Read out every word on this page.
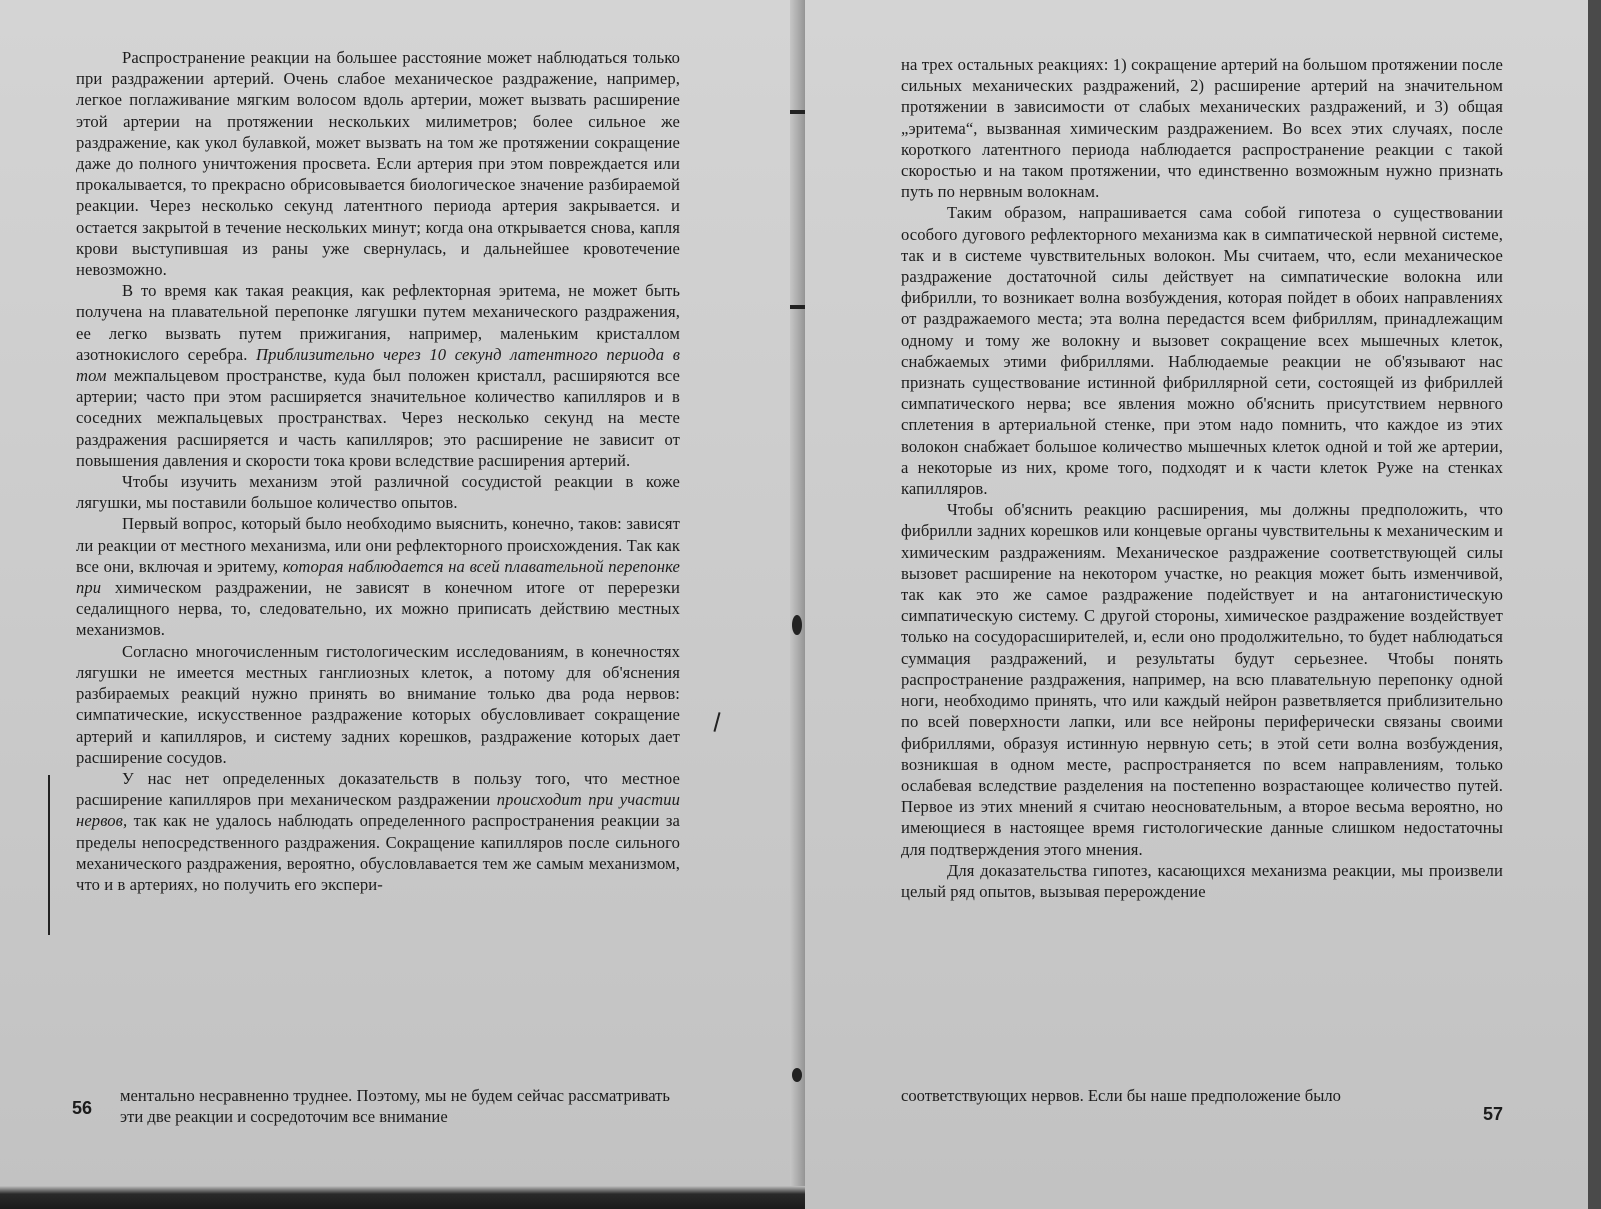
Распространение реакции на большее расстояние может наблюдаться только при раздражении артерий. Очень слабое механическое раздражение, например, легкое поглаживание мягким волосом вдоль артерии, может вызвать расширение этой артерии на протяжении нескольких милиметров; более сильное же раздражение, как укол булавкой, может вызвать на том же протяжении сокращение даже до полного уничтожения просвета. Если артерия при этом повреждается или прокалывается, то прекрасно обрисовывается биологическое значение разбираемой реакции. Через несколько секунд латентного периода артерия закрывается. и остается закрытой в течение нескольких минут; когда она открывается снова, капля крови выступившая из раны уже свернулась, и дальнейшее кровотечение невозможно.

В то время как такая реакция, как рефлекторная эритема, не может быть получена на плавательной перепонке лягушки путем механического раздражения, ее легко вызвать путем прижигания, например, маленьким кристаллом азотнокислого серебра. Приблизительно через 10 секунд латентного периода в том межпальцевом пространстве, куда был положен кристалл, расширяются все артерии; часто при этом расширяется значительное количество капилляров и в соседних межпальцевых пространствах. Через несколько секунд на месте раздражения расширяется и часть капилляров; это расширение не зависит от повышения давления и скорости тока крови вследствие расширения артерий.

Чтобы изучить механизм этой различной сосудистой реакции в коже лягушки, мы поставили большое количество опытов.

Первый вопрос, который было необходимо выяснить, конечно, таков: зависят ли реакции от местного механизма, или они рефлекторного происхождения. Так как все они, включая и эритему, которая наблюдается на всей плавательной перепонке при химическом раздражении, не зависят в конечном итоге от перерезки седалищного нерва, то, следовательно, их можно приписать действию местных механизмов.

Согласно многочисленным гистологическим исследованиям, в конечностях лягушки не имеется местных ганглиозных клеток, а потому для об'яснения разбираемых реакций нужно принять во внимание только два рода нервов: симпатические, искусственное раздражение которых обусловливает сокращение артерий и капилляров, и систему задних корешков, раздражение которых дает расширение сосудов.

У нас нет определенных доказательств в пользу того, что местное расширение капилляров при механическом раздражении происходит при участии нервов, так как не удалось наблюдать определенного распространения реакции за пределы непосредственного раздражения. Сокращение капилляров после сильного механического раздражения, вероятно, обусловлавается тем же самым механизмом, что и в артериях, но получить его экспери-

ментально несравненно труднее. Поэтому, мы не будем сейчас рассматривать эти две реакции и сосредоточим все внимание

56

на трех остальных реакциях: 1) сокращение артерий на большом протяжении после сильных механических раздражений, 2) расширение артерий на значительном протяжении в зависимости от слабых механических раздражений, и 3) общая „эритема“, вызванная химическим раздражением. Во всех этих случаях, после короткого латентного периода наблюдается распространение реакции с такой скоростью и на таком протяжении, что единственно возможным нужно признать путь по нервным волокнам.

Таким образом, напрашивается сама собой гипотеза о существовании особого дугового рефлекторного механизма как в симпатической нервной системе, так и в системе чувствительных волокон. Мы считаем, что, если механическое раздражение достаточной силы действует на симпатические волокна или фибрилли, то возникает волна возбуждения, которая пойдет в обоих направлениях от раздражаемого места; эта волна передастся всем фибриллям, принадлежащим одному и тому же волокну и вызовет сокращение всех мышечных клеток, снабжаемых этими фибриллями. Наблюдаемые реакции не об'язывают нас признать существование истинной фибриллярной сети, состоящей из фибриллей симпатического нерва; все явления можно об'яснить присутствием нервного сплетения в артериальной стенке, при этом надо помнить, что каждое из этих волокон снабжает большое количество мышечных клеток одной и той же артерии, а некоторые из них, кроме того, подходят и к части клеток Руже на стенках капилляров.

Чтобы об'яснить реакцию расширения, мы должны предположить, что фибрилли задних корешков или концевые органы чувствительны к механическим и химическим раздражениям. Механическое раздражение соответствующей силы вызовет расширение на некотором участке, но реакция может быть изменчивой, так как это же самое раздражение подействует и на антагонистическую симпатическую систему. С другой стороны, химическое раздражение воздействует только на сосудорасширителей, и, если оно продолжительно, то будет наблюдаться суммация раздражений, и результаты будут серьезнее. Чтобы понять распространение раздражения, например, на всю плавательную перепонку одной ноги, необходимо принять, что или каждый нейрон разветвляется приблизительно по всей поверхности лапки, или все нейроны периферически связаны своими фибриллями, образуя истинную нервную сеть; в этой сети волна возбуждения, возникшая в одном месте, распространяется по всем направлениям, только ослабевая вследствие разделения на постепенно возрастающее количество путей. Первое из этих мнений я считаю неосновательным, а второе весьма вероятно, но имеющиеся в настоящее время гистологические данные слишком недостаточны для подтверждения этого мнения.

Для доказательства гипотез, касающихся механизма реакции, мы произвели целый ряд опытов, вызывая перерождение

соответствующих нервов. Если бы наше предположение было

57
